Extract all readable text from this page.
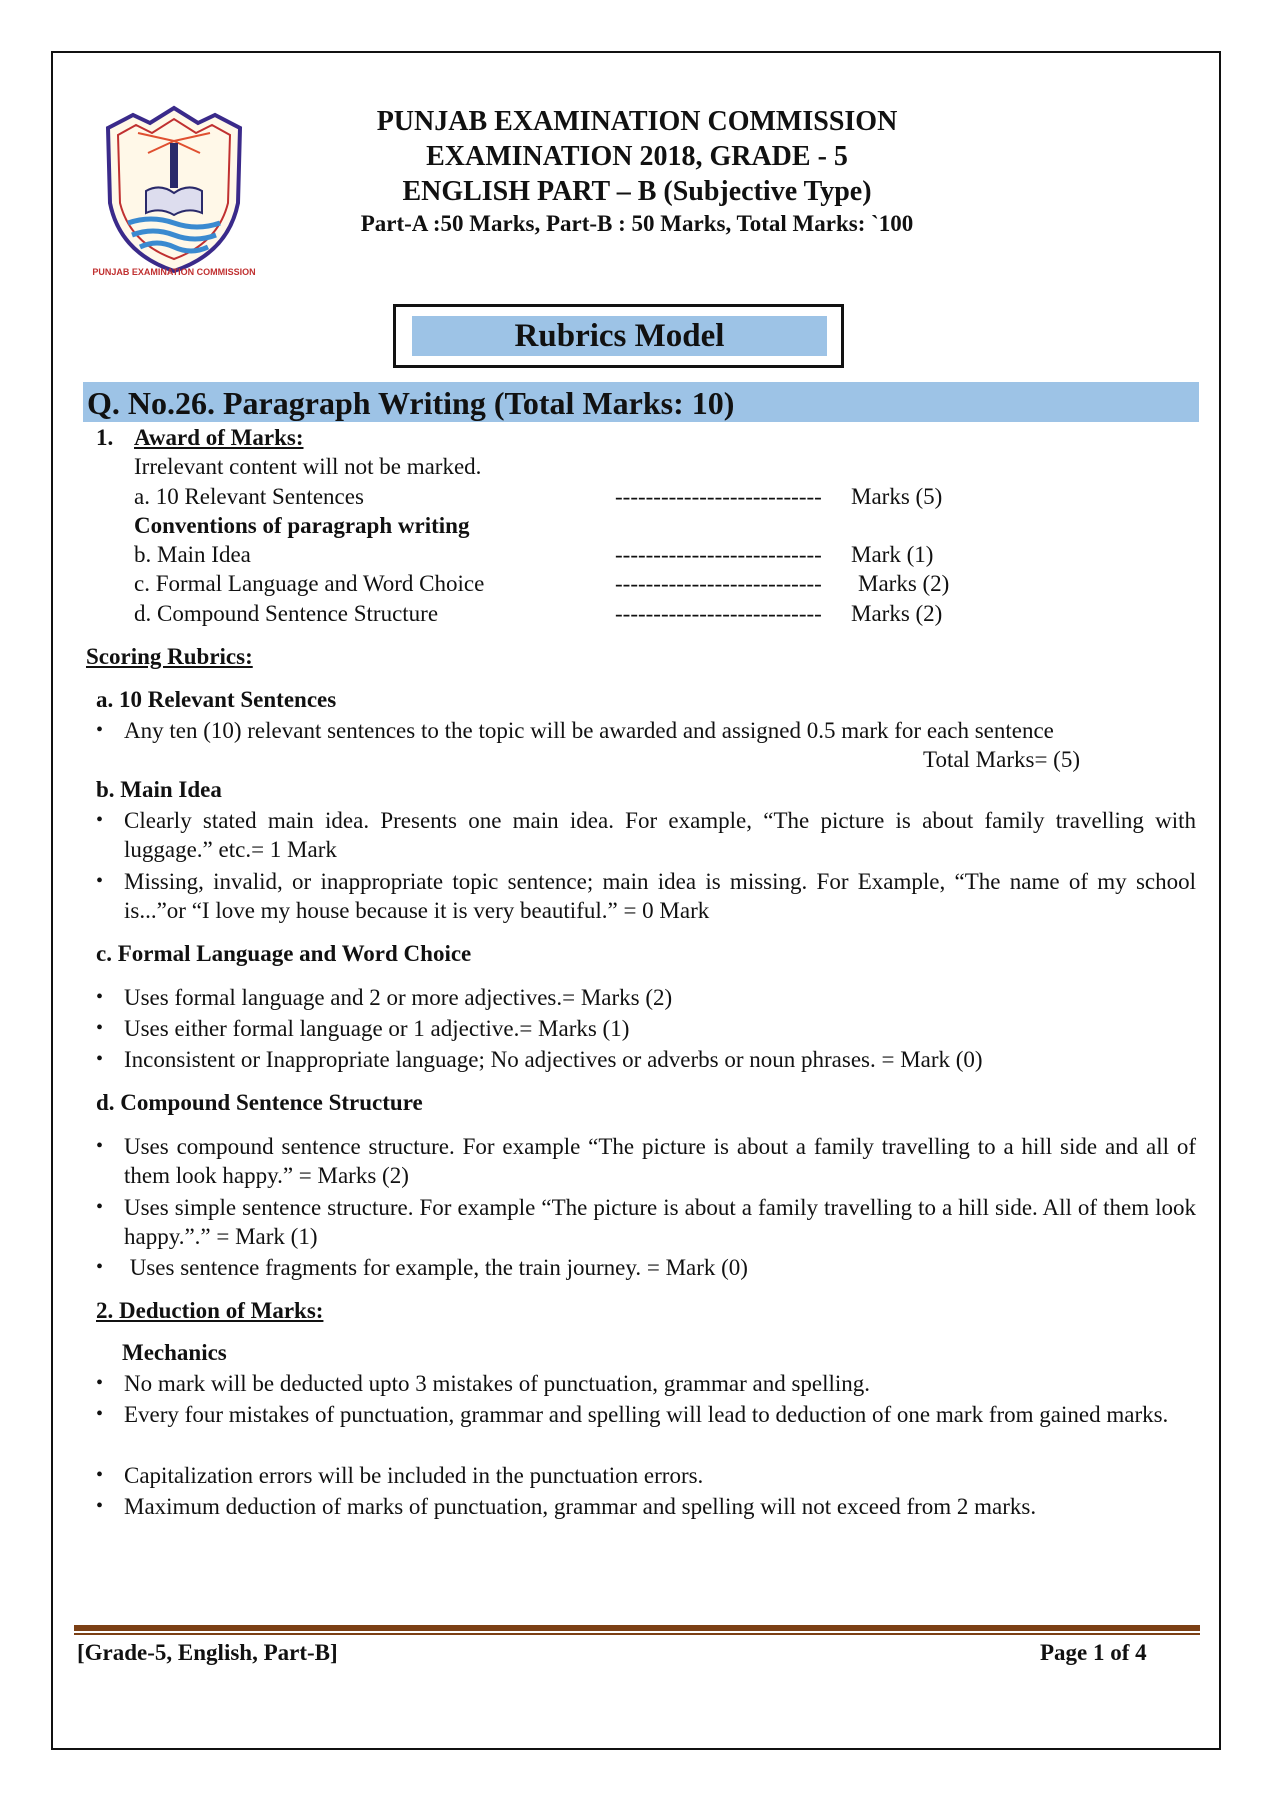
PUNJAB EXAMINATION COMMISSION
PUNJAB EXAMINATION COMMISSION
EXAMINATION 2018, GRADE - 5
ENGLISH PART – B (Subjective Type)
Part-A :50 Marks, Part-B : 50 Marks, Total Marks: `100
Rubrics Model
Q. No.26. Paragraph Writing (Total Marks: 10)
1. Award of Marks:
Irrelevant content will not be marked.
a. 10 Relevant Sentences	--------------------------- Marks (5)
Conventions of paragraph writing
b. Main Idea	--------------------------- Mark (1)
c. Formal Language and Word Choice	--------------------------- Marks (2)
d. Compound Sentence Structure	--------------------------- Marks (2)
Scoring Rubrics:
a. 10 Relevant Sentences
• Any ten (10) relevant sentences to the topic will be awarded and assigned 0.5 mark for each sentence
Total Marks= (5)
b. Main Idea
• Clearly stated main idea. Presents one main idea. For example, “The picture is about family travelling with luggage.” etc.= 1 Mark
• Missing, invalid, or inappropriate topic sentence; main idea is missing. For Example, “The name of my school is...”or “I love my house because it is very beautiful.” = 0 Mark
c. Formal Language and Word Choice
• Uses formal language and 2 or more adjectives.= Marks (2)
• Uses either formal language or 1 adjective.= Marks (1)
• Inconsistent or Inappropriate language; No adjectives or adverbs or noun phrases. = Mark (0)
d. Compound Sentence Structure
• Uses compound sentence structure. For example “The picture is about a family travelling to a hill side and all of them look happy.” = Marks (2)
• Uses simple sentence structure. For example “The picture is about a family travelling to a hill side. All of them look happy.”.” = Mark (1)
• Uses sentence fragments for example, the train journey. = Mark (0)
2. Deduction of Marks:
Mechanics
• No mark will be deducted upto 3 mistakes of punctuation, grammar and spelling.
• Every four mistakes of punctuation, grammar and spelling will lead to deduction of one mark from gained marks.
• Capitalization errors will be included in the punctuation errors.
• Maximum deduction of marks of punctuation, grammar and spelling will not exceed from 2 marks.
[Grade-5, English, Part-B]	Page 1 of 4
